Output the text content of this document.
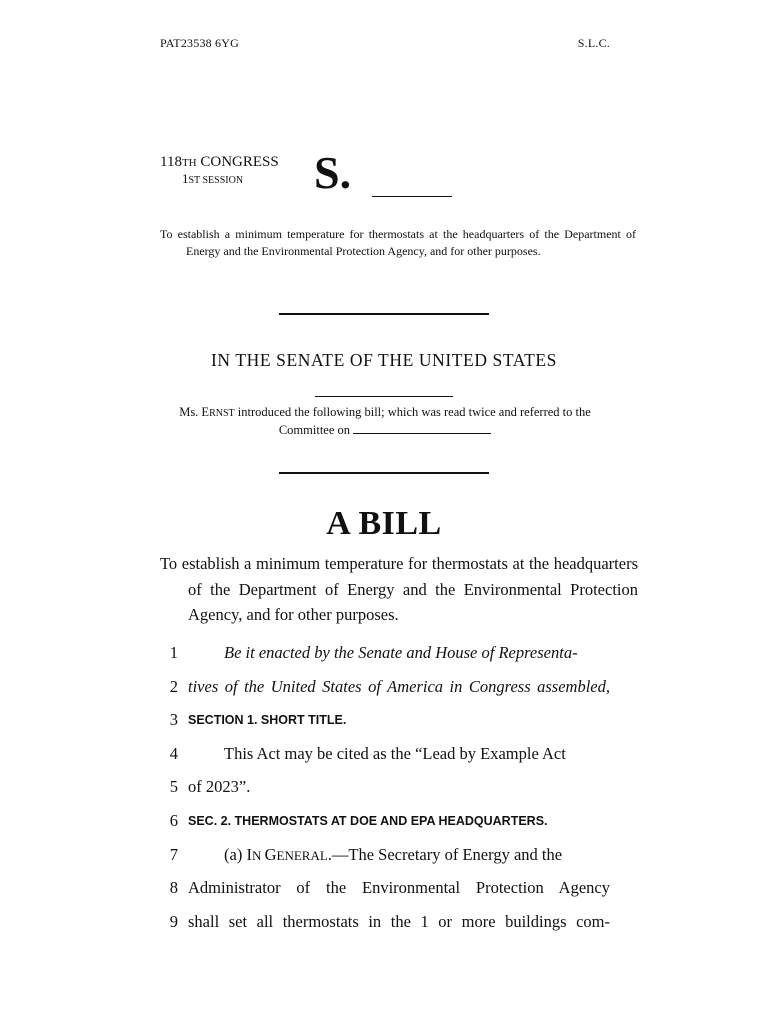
PAT23538 6YG	S.L.C.
118TH CONGRESS
1ST SESSION S.
To establish a minimum temperature for thermostats at the headquarters of the Department of Energy and the Environmental Protection Agency, and for other purposes.
IN THE SENATE OF THE UNITED STATES
Ms. ERNST introduced the following bill; which was read twice and referred to the Committee on
A BILL
To establish a minimum temperature for thermostats at the headquarters of the Department of Energy and the Environmental Protection Agency, and for other purposes.
1	Be it enacted by the Senate and House of Representa-
2 tives of the United States of America in Congress assembled,
3 SECTION 1. SHORT TITLE.
4	This Act may be cited as the “Lead by Example Act
5 of 2023”.
6 SEC. 2. THERMOSTATS AT DOE AND EPA HEADQUARTERS.
7	(a) IN GENERAL.—The Secretary of Energy and the
8 Administrator of the Environmental Protection Agency
9 shall set all thermostats in the 1 or more buildings com-
